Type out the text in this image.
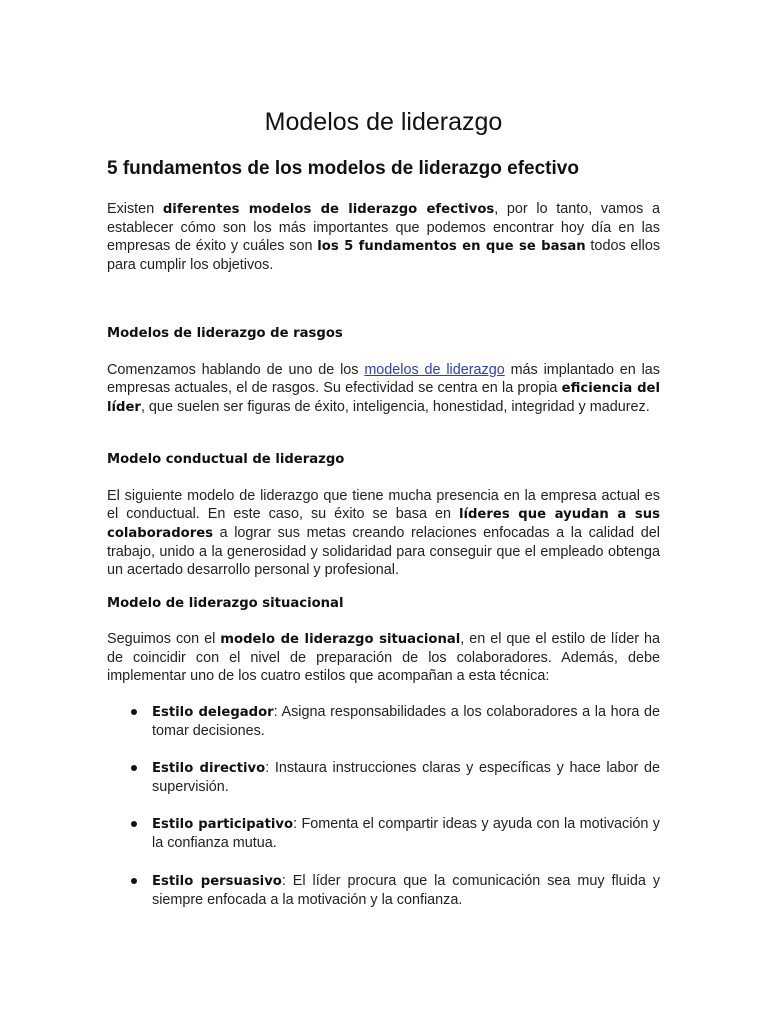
Modelos de liderazgo
5 fundamentos de los modelos de liderazgo efectivo

Existen diferentes modelos de liderazgo efectivos, por lo tanto, vamos a establecer cómo son los más importantes que podemos encontrar hoy día en las empresas de éxito y cuáles son los 5 fundamentos en que se basan todos ellos para cumplir los objetivos.

Modelos de liderazgo de rasgos

Comenzamos hablando de uno de los modelos de liderazgo más implantado en las empresas actuales, el de rasgos. Su efectividad se centra en la propia eficiencia del líder, que suelen ser figuras de éxito, inteligencia, honestidad, integridad y madurez.

Modelo conductual de liderazgo

El siguiente modelo de liderazgo que tiene mucha presencia en la empresa actual es el conductual. En este caso, su éxito se basa en líderes que ayudan a sus colaboradores a lograr sus metas creando relaciones enfocadas a la calidad del trabajo, unido a la generosidad y solidaridad para conseguir que el empleado obtenga un acertado desarrollo personal y profesional.

Modelo de liderazgo situacional

Seguimos con el modelo de liderazgo situacional, en el que el estilo de líder ha de coincidir con el nivel de preparación de los colaboradores. Además, debe implementar uno de los cuatro estilos que acompañan a esta técnica:

Estilo delegador: Asigna responsabilidades a los colaboradores a la hora de tomar decisiones.

Estilo directivo: Instaura instrucciones claras y específicas y hace labor de supervisión.

Estilo participativo: Fomenta el compartir ideas y ayuda con la motivación y la confianza mutua.

Estilo persuasivo: El líder procura que la comunicación sea muy fluida y siempre enfocada a la motivación y la confianza.
